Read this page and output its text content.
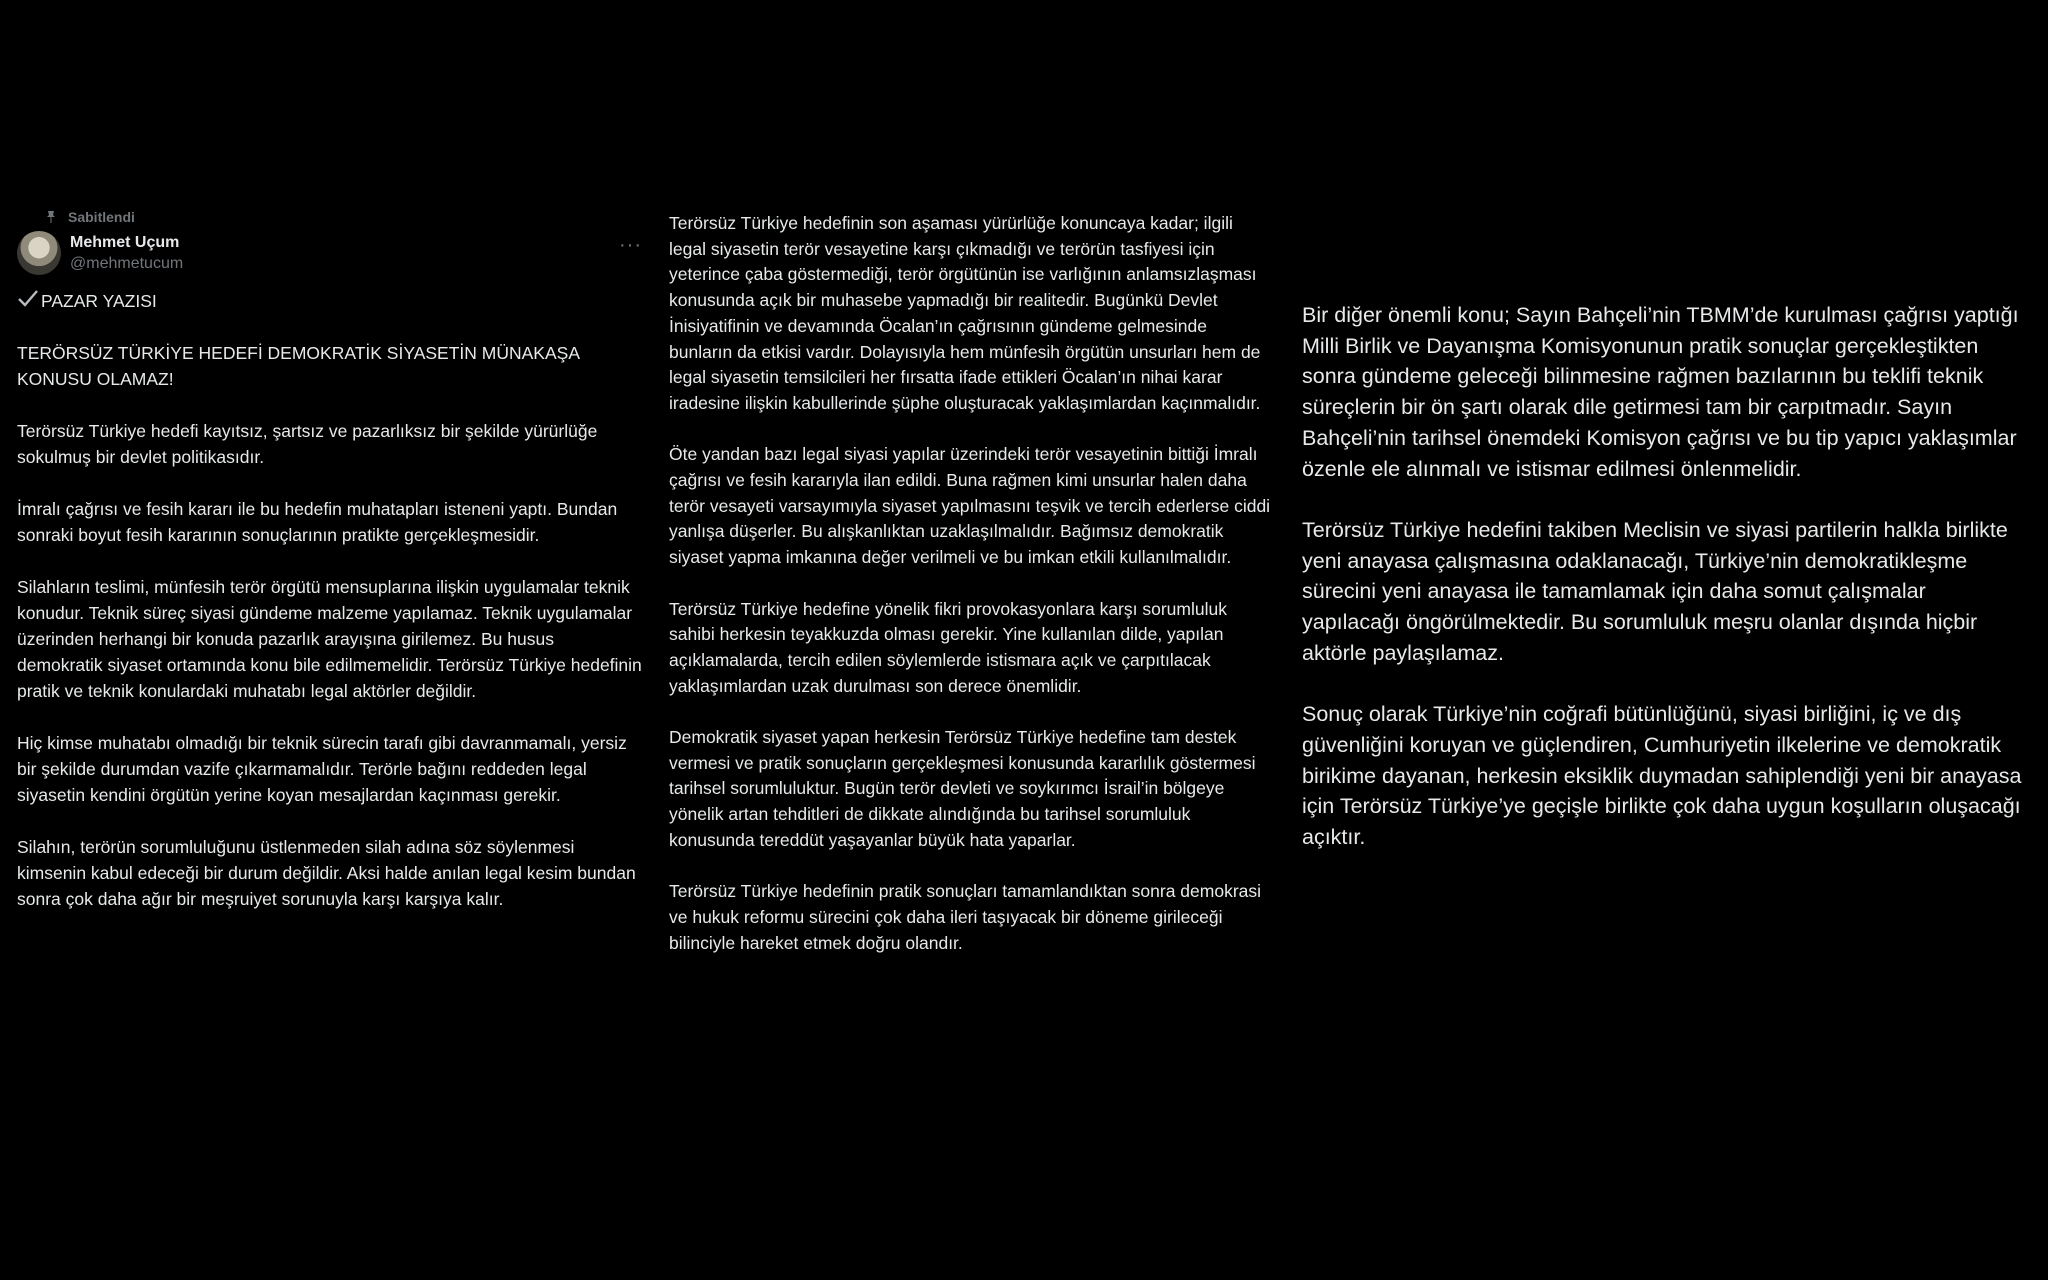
Sabitlendi
Mehmet Uçum
@mehmetucum
···

PAZAR YAZISI

TERÖRSÜZ TÜRKİYE HEDEFİ DEMOKRATİK SİYASETİN MÜNAKAŞA KONUSU OLAMAZ!

Terörsüz Türkiye hedefi kayıtsız, şartsız ve pazarlıksız bir şekilde yürürlüğe sokulmuş bir devlet politikasıdır.

İmralı çağrısı ve fesih kararı ile bu hedefin muhatapları isteneni yaptı. Bundan sonraki boyut fesih kararının sonuçlarının pratikte gerçekleşmesidir.

Silahların teslimi, münfesih terör örgütü mensuplarına ilişkin uygulamalar teknik konudur. Teknik süreç siyasi gündeme malzeme yapılamaz. Teknik uygulamalar üzerinden herhangi bir konuda pazarlık arayışına girilemez. Bu husus demokratik siyaset ortamında konu bile edilmemelidir. Terörsüz Türkiye hedefinin pratik ve teknik konulardaki muhatabı legal aktörler değildir.

Hiç kimse muhatabı olmadığı bir teknik sürecin tarafı gibi davranmamalı, yersiz bir şekilde durumdan vazife çıkarmamalıdır. Terörle bağını reddeden legal siyasetin kendini örgütün yerine koyan mesajlardan kaçınması gerekir.

Silahın, terörün sorumluluğunu üstlenmeden silah adına söz söylenmesi kimsenin kabul edeceği bir durum değildir. Aksi halde anılan legal kesim bundan sonra çok daha ağır bir meşruiyet sorunuyla karşı karşıya kalır.

Terörsüz Türkiye hedefinin son aşaması yürürlüğe konuncaya kadar; ilgili legal siyasetin terör vesayetine karşı çıkmadığı ve terörün tasfiyesi için yeterince çaba göstermediği, terör örgütünün ise varlığının anlamsızlaşması konusunda açık bir muhasebe yapmadığı bir realitedir. Bugünkü Devlet İnisiyatifinin ve devamında Öcalan’ın çağrısının gündeme gelmesinde bunların da etkisi vardır. Dolayısıyla hem münfesih örgütün unsurları hem de legal siyasetin temsilcileri her fırsatta ifade ettikleri Öcalan’ın nihai karar iradesine ilişkin kabullerinde şüphe oluşturacak yaklaşımlardan kaçınmalıdır.

Öte yandan bazı legal siyasi yapılar üzerindeki terör vesayetinin bittiği İmralı çağrısı ve fesih kararıyla ilan edildi. Buna rağmen kimi unsurlar halen daha terör vesayeti varsayımıyla siyaset yapılmasını teşvik ve tercih ederlerse ciddi yanlışa düşerler. Bu alışkanlıktan uzaklaşılmalıdır. Bağımsız demokratik siyaset yapma imkanına değer verilmeli ve bu imkan etkili kullanılmalıdır.

Terörsüz Türkiye hedefine yönelik fikri provokasyonlara karşı sorumluluk sahibi herkesin teyakkuzda olması gerekir. Yine kullanılan dilde, yapılan açıklamalarda, tercih edilen söylemlerde istismara açık ve çarpıtılacak yaklaşımlardan uzak durulması son derece önemlidir.

Demokratik siyaset yapan herkesin Terörsüz Türkiye hedefine tam destek vermesi ve pratik sonuçların gerçekleşmesi konusunda kararlılık göstermesi tarihsel sorumluluktur. Bugün terör devleti ve soykırımcı İsrail’in bölgeye yönelik artan tehditleri de dikkate alındığında bu tarihsel sorumluluk konusunda tereddüt yaşayanlar büyük hata yaparlar.

Terörsüz Türkiye hedefinin pratik sonuçları tamamlandıktan sonra demokrasi ve hukuk reformu sürecini çok daha ileri taşıyacak bir döneme girileceği bilinciyle hareket etmek doğru olandır.

Bir diğer önemli konu; Sayın Bahçeli’nin TBMM’de kurulması çağrısı yaptığı Milli Birlik ve Dayanışma Komisyonunun pratik sonuçlar gerçekleştikten sonra gündeme geleceği bilinmesine rağmen bazılarının bu teklifi teknik süreçlerin bir ön şartı olarak dile getirmesi tam bir çarpıtmadır. Sayın Bahçeli’nin tarihsel önemdeki Komisyon çağrısı ve bu tip yapıcı yaklaşımlar özenle ele alınmalı ve istismar edilmesi önlenmelidir.

Terörsüz Türkiye hedefini takiben Meclisin ve siyasi partilerin halkla birlikte yeni anayasa çalışmasına odaklanacağı, Türkiye’nin demokratikleşme sürecini yeni anayasa ile tamamlamak için daha somut çalışmalar yapılacağı öngörülmektedir. Bu sorumluluk meşru olanlar dışında hiçbir aktörle paylaşılamaz.

Sonuç olarak Türkiye’nin coğrafi bütünlüğünü, siyasi birliğini, iç ve dış güvenliğini koruyan ve güçlendiren, Cumhuriyetin ilkelerine ve demokratik birikime dayanan, herkesin eksiklik duymadan sahiplendiği yeni bir anayasa için Terörsüz Türkiye’ye geçişle birlikte çok daha uygun koşulların oluşacağı açıktır.
